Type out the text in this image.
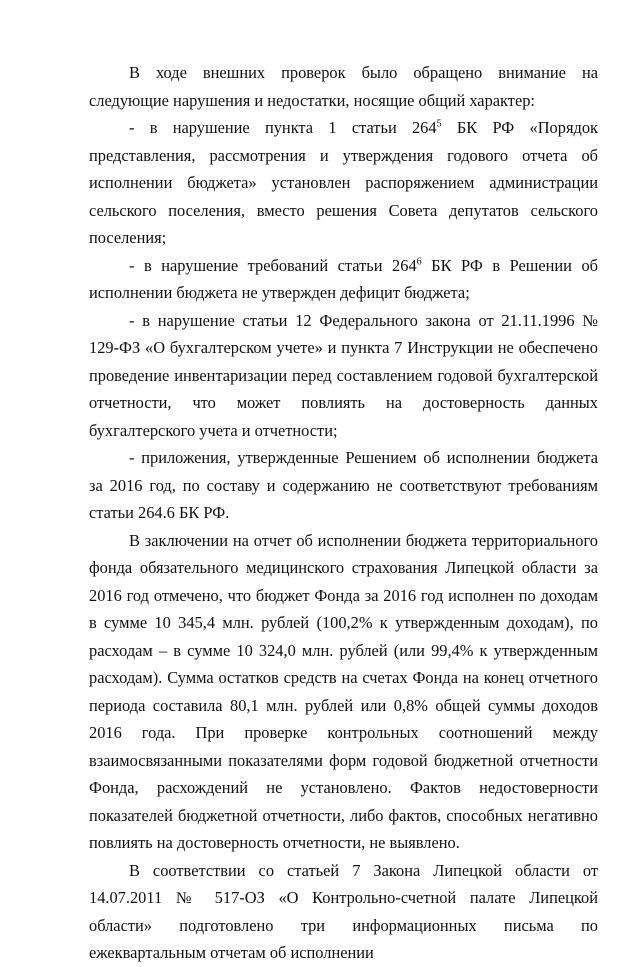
В ходе внешних проверок было обращено внимание на следующие нарушения и недостатки, носящие общий характер:

- в нарушение пункта 1 статьи $264^5$ БК РФ «Порядок представления, рассмотрения и утверждения годового отчета об исполнении бюджета» установлен распоряжением администрации сельского поселения, вместо решения Совета депутатов сельского поселения;

- в нарушение требований статьи $264^6$ БК РФ в Решении об исполнении бюджета не утвержден дефицит бюджета;

- в нарушение статьи 12 Федерального закона от 21.11.1996 № 129-ФЗ «О бухгалтерском учете» и пункта 7 Инструкции не обеспечено проведение инвентаризации перед составлением годовой бухгалтерской отчетности, что может повлиять на достоверность данных бухгалтерского учета и отчетности;

- приложения, утвержденные Решением об исполнении бюджета за 2016 год, по составу и содержанию не соответствуют требованиям статьи 264.6 БК РФ.

В заключении на отчет об исполнении бюджета территориального фонда обязательного медицинского страхования Липецкой области за 2016 год отмечено, что бюджет Фонда за 2016 год исполнен по доходам в сумме 10 345,4 млн. рублей (100,2% к утвержденным доходам), по расходам – в сумме 10 324,0 млн. рублей (или 99,4% к утвержденным расходам). Сумма остатков средств на счетах Фонда на конец отчетного периода составила 80,1 млн. рублей или 0,8% общей суммы доходов 2016 года. При проверке контрольных соотношений между взаимосвязанными показателями форм годовой бюджетной отчетности Фонда, расхождений не установлено. Фактов недостоверности показателей бюджетной отчетности, либо фактов, способных негативно повлиять на достоверность отчетности, не выявлено.

В соответствии со статьей 7 Закона Липецкой области от 14.07.2011 № 517-ОЗ «О Контрольно-счетной палате Липецкой области» подготовлено три информационных письма по ежеквартальным отчетам об исполнении
